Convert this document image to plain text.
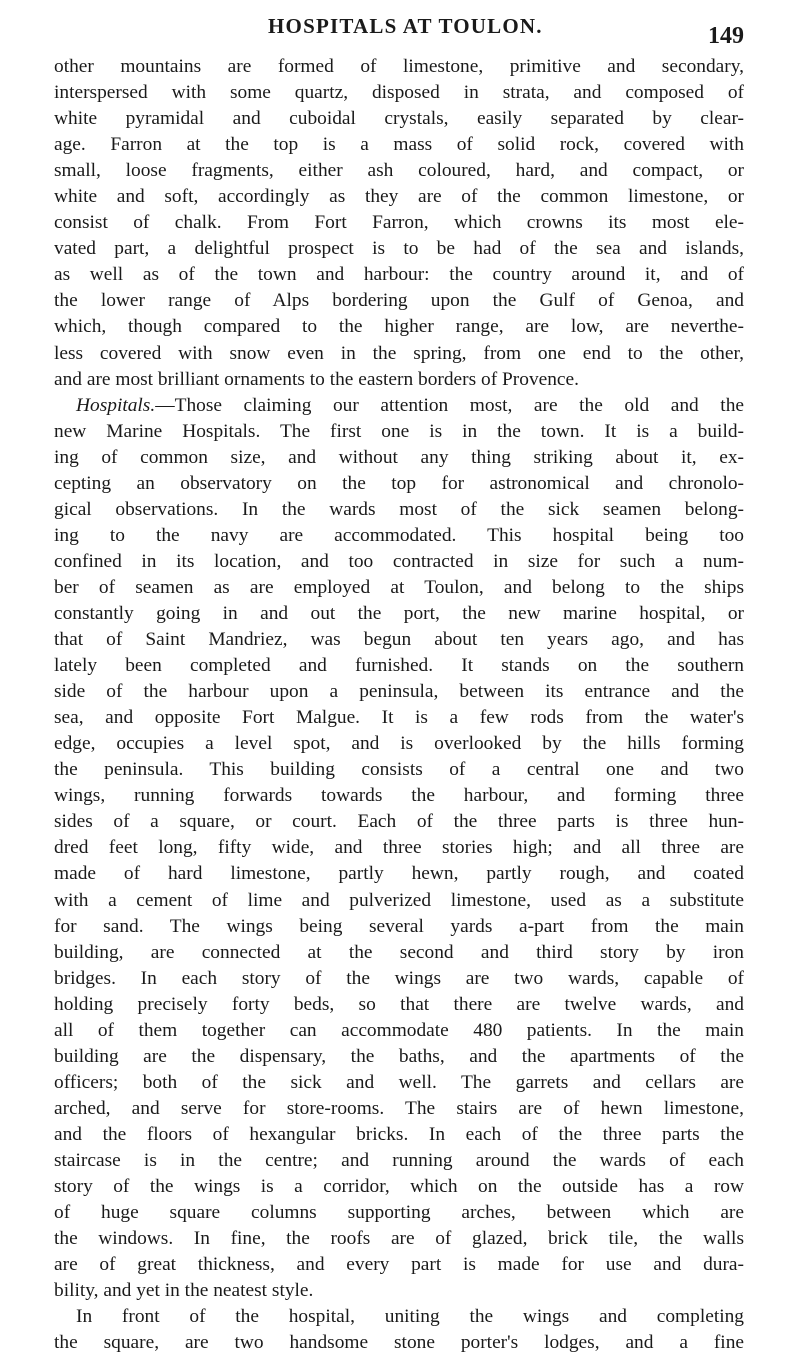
HOSPITALS AT TOULON.	149
other mountains are formed of limestone, primitive and secondary,
interspersed with some quartz, disposed in strata, and composed of
white pyramidal and cuboidal crystals, easily separated by clear-
age. Farron at the top is a mass of solid rock, covered with
small, loose fragments, either ash coloured, hard, and compact, or
white and soft, accordingly as they are of the common limestone, or
consist of chalk. From Fort Farron, which crowns its most ele-
vated part, a delightful prospect is to be had of the sea and islands,
as well as of the town and harbour: the country around it, and of
the lower range of Alps bordering upon the Gulf of Genoa, and
which, though compared to the higher range, are low, are neverthe-
less covered with snow even in the spring, from one end to the other,
and are most brilliant ornaments to the eastern borders of Provence.
Hospitals.—Those claiming our attention most, are the old and the
new Marine Hospitals. The first one is in the town. It is a build-
ing of common size, and without any thing striking about it, ex-
cepting an observatory on the top for astronomical and chronolo-
gical observations. In the wards most of the sick seamen belong-
ing to the navy are accommodated. This hospital being too
confined in its location, and too contracted in size for such a num-
ber of seamen as are employed at Toulon, and belong to the ships
constantly going in and out the port, the new marine hospital, or
that of Saint Mandriez, was begun about ten years ago, and has
lately been completed and furnished. It stands on the southern
side of the harbour upon a peninsula, between its entrance and the
sea, and opposite Fort Malgue. It is a few rods from the water's
edge, occupies a level spot, and is overlooked by the hills forming
the peninsula. This building consists of a central one and two
wings, running forwards towards the harbour, and forming three
sides of a square, or court. Each of the three parts is three hun-
dred feet long, fifty wide, and three stories high; and all three are
made of hard limestone, partly hewn, partly rough, and coated
with a cement of lime and pulverized limestone, used as a substitute
for sand. The wings being several yards a-part from the main
building, are connected at the second and third story by iron
bridges. In each story of the wings are two wards, capable of
holding precisely forty beds, so that there are twelve wards, and
all of them together can accommodate 480 patients. In the main
building are the dispensary, the baths, and the apartments of the
officers; both of the sick and well. The garrets and cellars are
arched, and serve for store-rooms. The stairs are of hewn limestone,
and the floors of hexangular bricks. In each of the three parts the
staircase is in the centre; and running around the wards of each
story of the wings is a corridor, which on the outside has a row
of huge square columns supporting arches, between which are
the windows. In fine, the roofs are of glazed, brick tile, the walls
are of great thickness, and every part is made for use and dura-
bility, and yet in the neatest style.
In front of the hospital, uniting the wings and completing
the square, are two handsome stone porter's lodges, and a fine
